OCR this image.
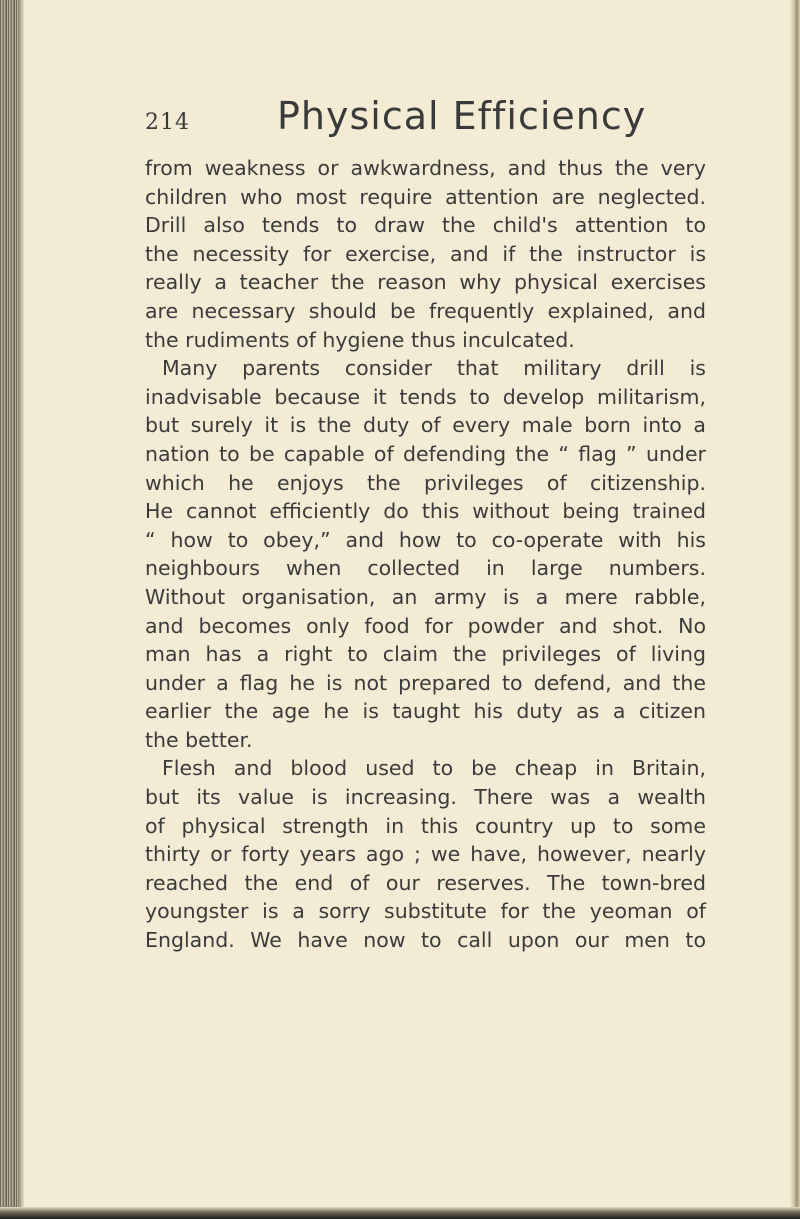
214 Physical Efficiency
from weakness or awkwardness, and thus the very
children who most require attention are neglected.
Drill also tends to draw the child's attention to
the necessity for exercise, and if the instructor is
really a teacher the reason why physical exercises
are necessary should be frequently explained, and
the rudiments of hygiene thus inculcated.
Many parents consider that military drill is
inadvisable because it tends to develop militarism,
but surely it is the duty of every male born into a
nation to be capable of defending the “ flag ” under
which he enjoys the privileges of citizenship.
He cannot efficiently do this without being trained
“ how to obey,” and how to co-operate with his
neighbours when collected in large numbers.
Without organisation, an army is a mere rabble,
and becomes only food for powder and shot. No
man has a right to claim the privileges of living
under a flag he is not prepared to defend, and the
earlier the age he is taught his duty as a citizen
the better.
Flesh and blood used to be cheap in Britain,
but its value is increasing. There was a wealth
of physical strength in this country up to some
thirty or forty years ago ; we have, however, nearly
reached the end of our reserves. The town-bred
youngster is a sorry substitute for the yeoman of
England. We have now to call upon our men to
